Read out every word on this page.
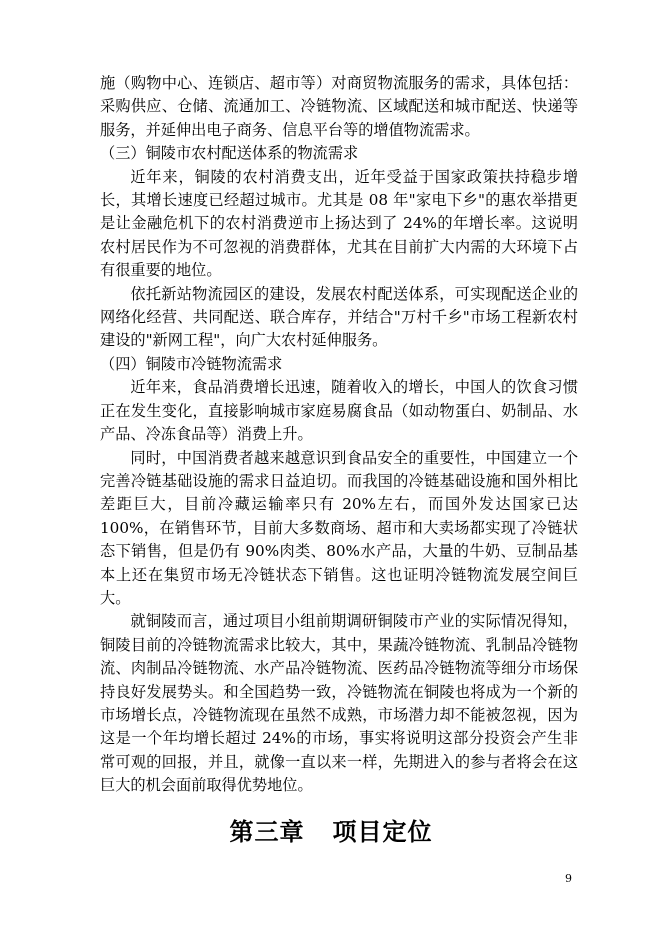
施（购物中心、连锁店、超市等）对商贸物流服务的需求，具体包括：采购供应、仓储、流通加工、冷链物流、区域配送和城市配送、快递等服务，并延伸出电子商务、信息平台等的增值物流需求。

（三）铜陵市农村配送体系的物流需求

近年来，铜陵的农村消费支出，近年受益于国家政策扶持稳步增长，其增长速度已经超过城市。尤其是 08 年"家电下乡"的惠农举措更是让金融危机下的农村消费逆市上扬达到了 24%的年增长率。这说明农村居民作为不可忽视的消费群体，尤其在目前扩大内需的大环境下占有很重要的地位。

依托新站物流园区的建设，发展农村配送体系，可实现配送企业的网络化经营、共同配送、联合库存，并结合"万村千乡"市场工程新农村建设的"新网工程"，向广大农村延伸服务。

（四）铜陵市冷链物流需求

近年来，食品消费增长迅速，随着收入的增长，中国人的饮食习惯正在发生变化，直接影响城市家庭易腐食品（如动物蛋白、奶制品、水产品、冷冻食品等）消费上升。

同时，中国消费者越来越意识到食品安全的重要性，中国建立一个完善冷链基础设施的需求日益迫切。而我国的冷链基础设施和国外相比差距巨大，目前冷藏运输率只有 20%左右，而国外发达国家已达 100%，在销售环节，目前大多数商场、超市和大卖场都实现了冷链状态下销售，但是仍有 90%肉类、80%水产品，大量的牛奶、豆制品基本上还在集贸市场无冷链状态下销售。这也证明冷链物流发展空间巨大。

就铜陵而言，通过项目小组前期调研铜陵市产业的实际情况得知，铜陵目前的冷链物流需求比较大，其中，果蔬冷链物流、乳制品冷链物流、肉制品冷链物流、水产品冷链物流、医药品冷链物流等细分市场保持良好发展势头。和全国趋势一致，冷链物流在铜陵也将成为一个新的市场增长点，冷链物流现在虽然不成熟，市场潜力却不能被忽视，因为这是一个年均增长超过 24%的市场，事实将说明这部分投资会产生非常可观的回报，并且，就像一直以来一样，先期进入的参与者将会在这巨大的机会面前取得优势地位。

第三章 项目定位
9
